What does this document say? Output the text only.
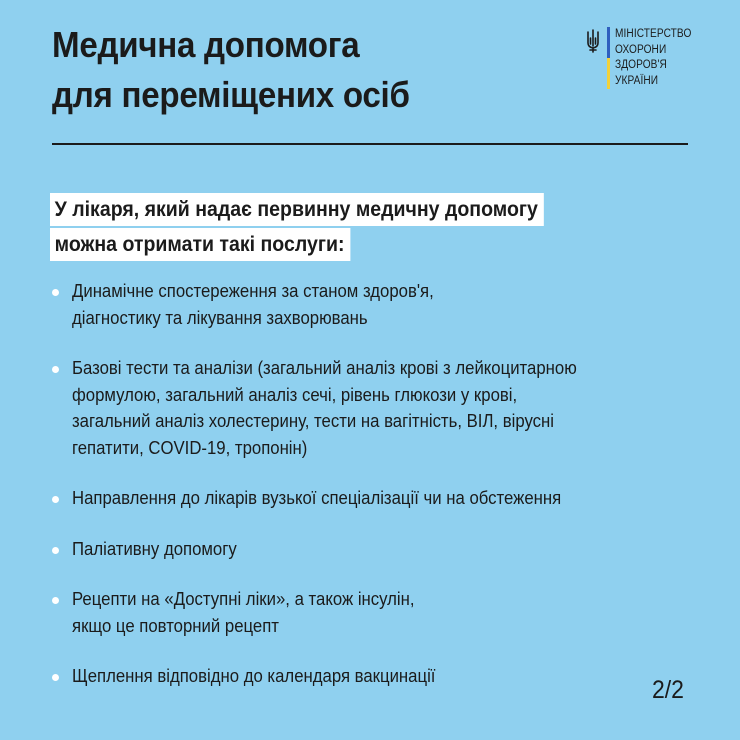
Медична допомога
для переміщених осіб
МІНІСТЕРСТВО
ОХОРОНИ
ЗДОРОВ'Я
УКРАЇНИ
У лікаря, який надає первинну медичну допомогу
можна отримати такі послуги:
Динамічне спостереження за станом здоров'я,
діагностику та лікування захворювань
Базові тести та аналізи (загальний аналіз крові з лейкоцитарною
формулою, загальний аналіз сечі, рівень глюкози у крові,
загальний аналіз холестерину, тести на вагітність, ВІЛ, вірусні
гепатити, COVID-19, тропонін)
Направлення до лікарів вузької спеціалізації чи на обстеження
Паліативну допомогу
Рецепти на «Доступні ліки», а також інсулін,
якщо це повторний рецепт
Щеплення відповідно до календаря вакцинації	2/2
